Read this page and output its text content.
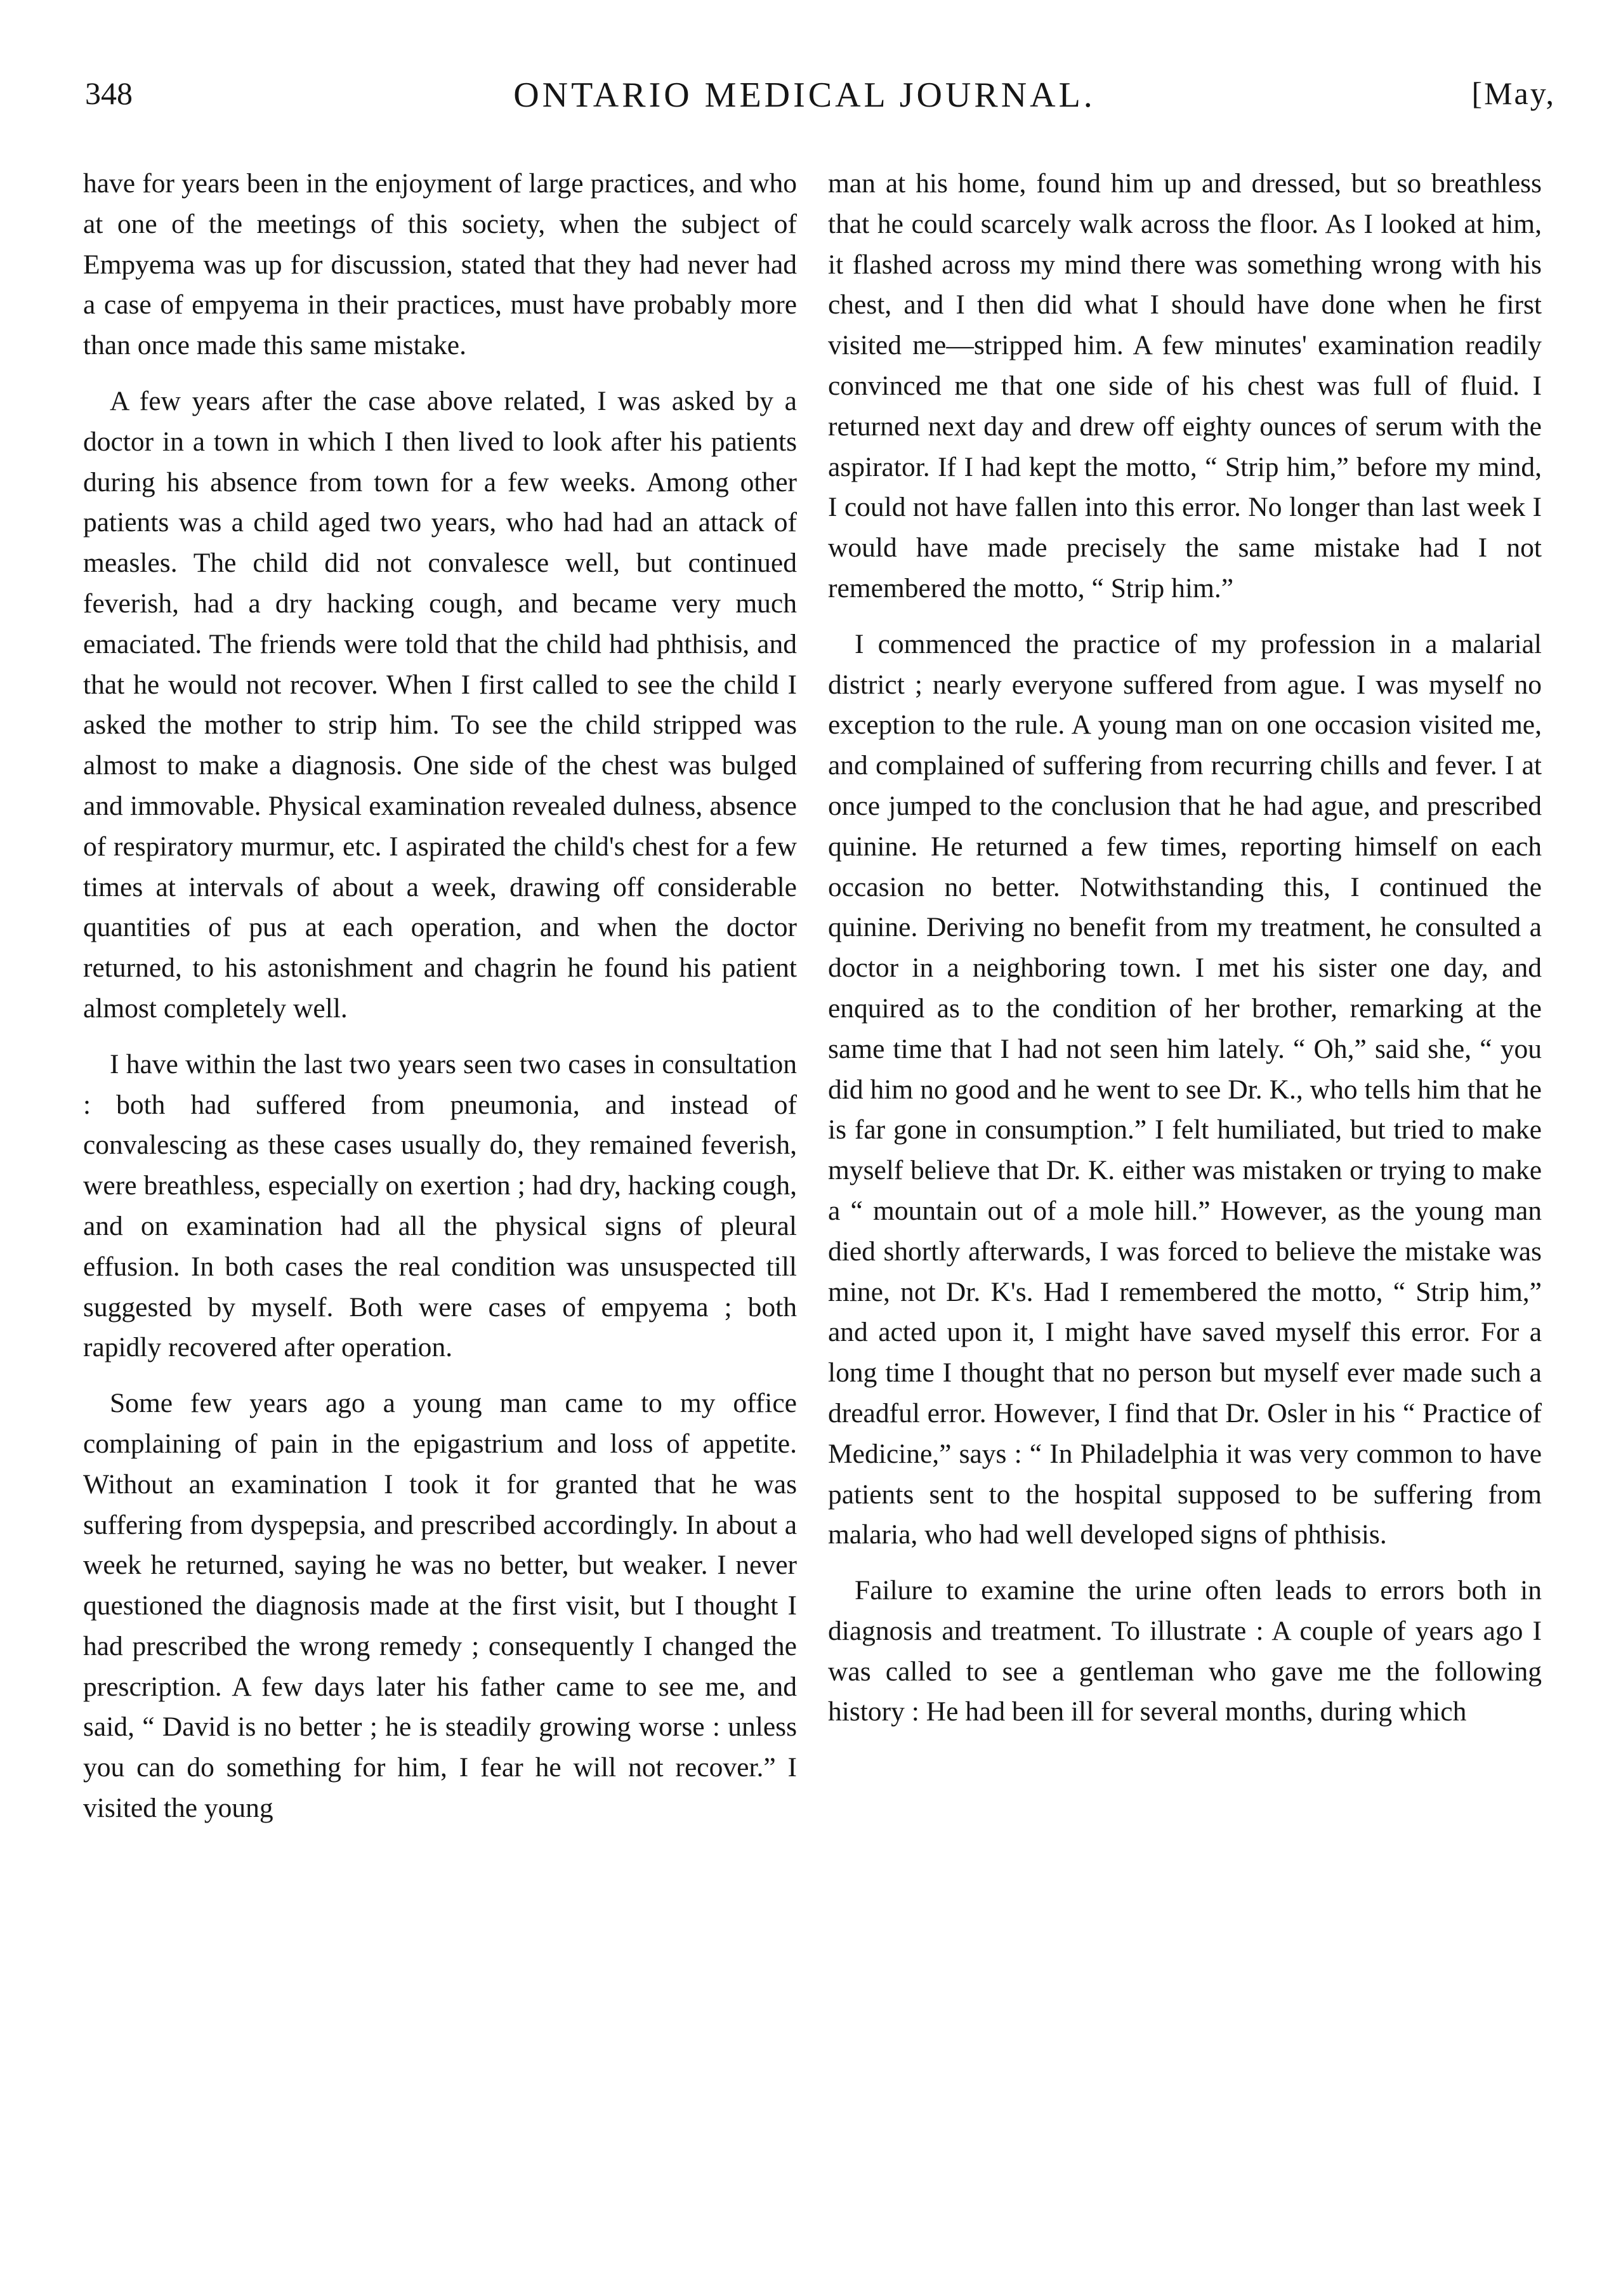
348	ONTARIO MEDICAL JOURNAL.	[May,

have for years been in the enjoyment of large practices, and who at one of the meetings of this society, when the subject of Empyema was up for discussion, stated that they had never had a case of empyema in their practices, must have probably more than once made this same mistake.

A few years after the case above related, I was asked by a doctor in a town in which I then lived to look after his patients during his absence from town for a few weeks. Among other patients was a child aged two years, who had had an attack of measles. The child did not convalesce well, but continued feverish, had a dry hacking cough, and became very much emaciated. The friends were told that the child had phthisis, and that he would not recover. When I first called to see the child I asked the mother to strip him. To see the child stripped was almost to make a diagnosis. One side of the chest was bulged and immovable. Physical examination revealed dulness, absence of respiratory murmur, etc. I aspirated the child's chest for a few times at intervals of about a week, drawing off considerable quantities of pus at each operation, and when the doctor returned, to his astonishment and chagrin he found his patient almost completely well.

I have within the last two years seen two cases in consultation : both had suffered from pneumonia, and instead of convalescing as these cases usually do, they remained feverish, were breathless, especially on exertion ; had dry, hacking cough, and on examination had all the physical signs of pleural effusion. In both cases the real condition was unsuspected till suggested by myself. Both were cases of empyema ; both rapidly recovered after operation.

Some few years ago a young man came to my office complaining of pain in the epigastrium and loss of appetite. Without an examination I took it for granted that he was suffering from dyspepsia, and prescribed accordingly. In about a week he returned, saying he was no better, but weaker. I never questioned the diagnosis made at the first visit, but I thought I had prescribed the wrong remedy ; consequently I changed the prescription. A few days later his father came to see me, and said, “ David is no better ; he is steadily growing worse : unless you can do something for him, I fear he will not recover.” I visited the young

man at his home, found him up and dressed, but so breathless that he could scarcely walk across the floor. As I looked at him, it flashed across my mind there was something wrong with his chest, and I then did what I should have done when he first visited me—stripped him. A few minutes' examination readily convinced me that one side of his chest was full of fluid. I returned next day and drew off eighty ounces of serum with the aspirator. If I had kept the motto, “ Strip him,” before my mind, I could not have fallen into this error. No longer than last week I would have made precisely the same mistake had I not remembered the motto, “ Strip him.”

I commenced the practice of my profession in a malarial district ; nearly everyone suffered from ague. I was myself no exception to the rule. A young man on one occasion visited me, and complained of suffering from recurring chills and fever. I at once jumped to the conclusion that he had ague, and prescribed quinine. He returned a few times, reporting himself on each occasion no better. Notwithstanding this, I continued the quinine. Deriving no benefit from my treatment, he consulted a doctor in a neighboring town. I met his sister one day, and enquired as to the condition of her brother, remarking at the same time that I had not seen him lately. “ Oh,” said she, “ you did him no good and he went to see Dr. K., who tells him that he is far gone in consumption.” I felt humiliated, but tried to make myself believe that Dr. K. either was mistaken or trying to make a “ mountain out of a mole hill.” However, as the young man died shortly afterwards, I was forced to believe the mistake was mine, not Dr. K's. Had I remembered the motto, “ Strip him,” and acted upon it, I might have saved myself this error. For a long time I thought that no person but myself ever made such a dreadful error. However, I find that Dr. Osler in his “ Practice of Medicine,” says : “ In Philadelphia it was very common to have patients sent to the hospital supposed to be suffering from malaria, who had well developed signs of phthisis.

Failure to examine the urine often leads to errors both in diagnosis and treatment. To illustrate : A couple of years ago I was called to see a gentleman who gave me the following history : He had been ill for several months, during which
